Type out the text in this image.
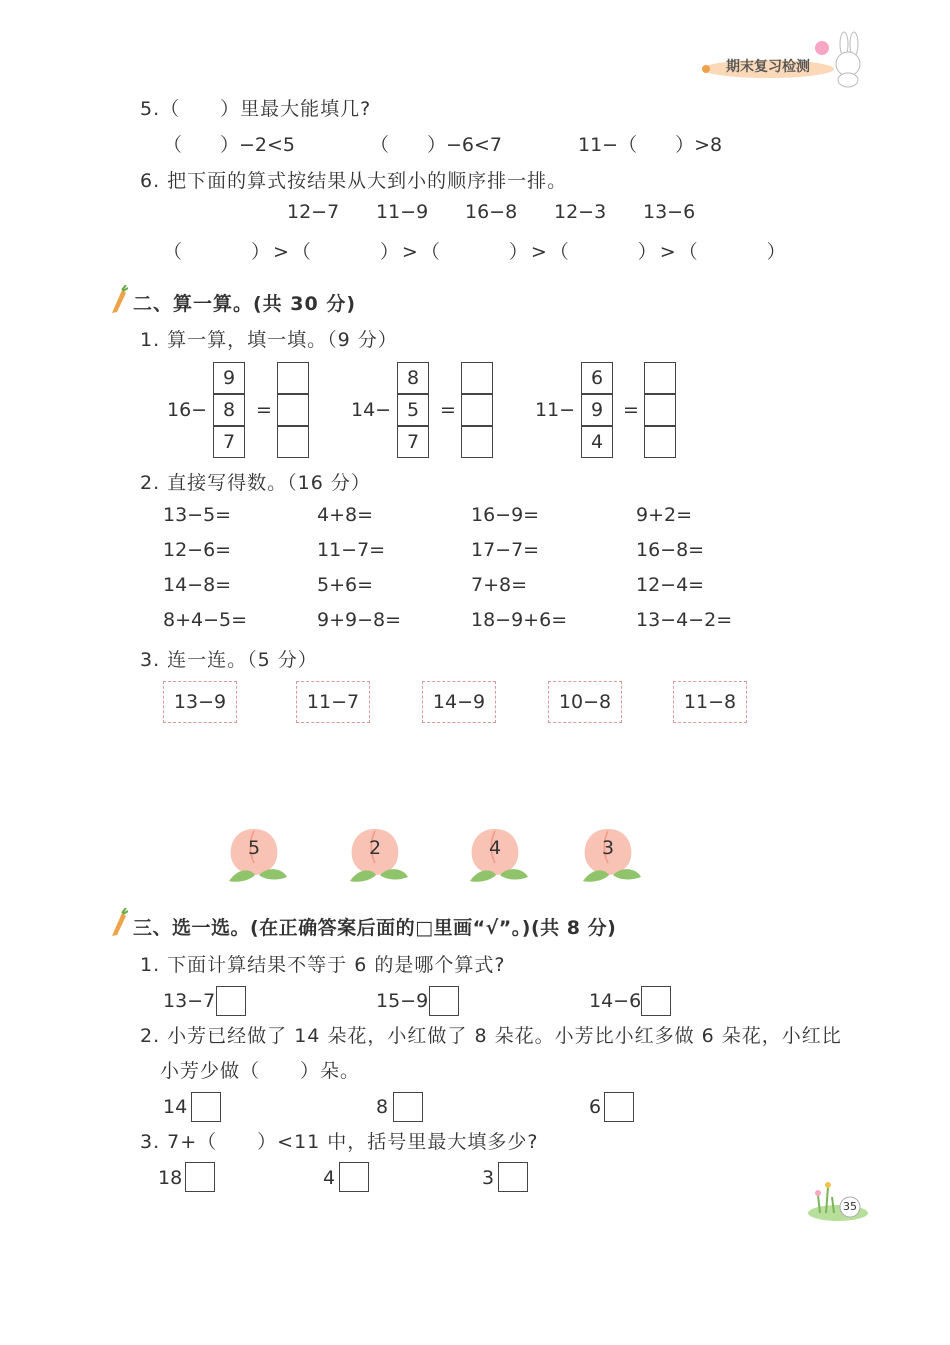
期末复习检测
5.（　　）里最大能填几?
（　　）−2<5	（　　）−6<7	11−（　　）>8
6. 把下面的算式按结果从大到小的顺序排一排。
12−7 11−9 16−8 12−3 13−6
（　　　）>（　　　）>（　　　）>（　　　）>（　　　）
二、算一算。(共 30 分)
1. 算一算，填一填。（9 分）
16−
9
8
7
=	14−
8
5
7
=	11−
6
9
4
=
2. 直接写得数。（16 分）
13−5=	4+8=	16−9=	9+2=
12−6=	11−7=	17−7=	16−8=
14−8=	5+6=	7+8=	12−4=
8+4−5=	9+9−8=	18−9+6=	13−4−2=
3. 连一连。（5 分）
13−9	11−7	14−9	10−8	11−8
5	2	4	3
三、选一选。(在正确答案后面的□里画“√”。)(共 8 分)
1. 下面计算结果不等于 6 的是哪个算式?
13−7	15−9	14−6
2. 小芳已经做了 14 朵花，小红做了 8 朵花。小芳比小红多做 6 朵花，小红比
小芳少做（　　）朵。
14	8	6
3. 7+（　　）<11 中，括号里最大填多少?
18	4	3
35
